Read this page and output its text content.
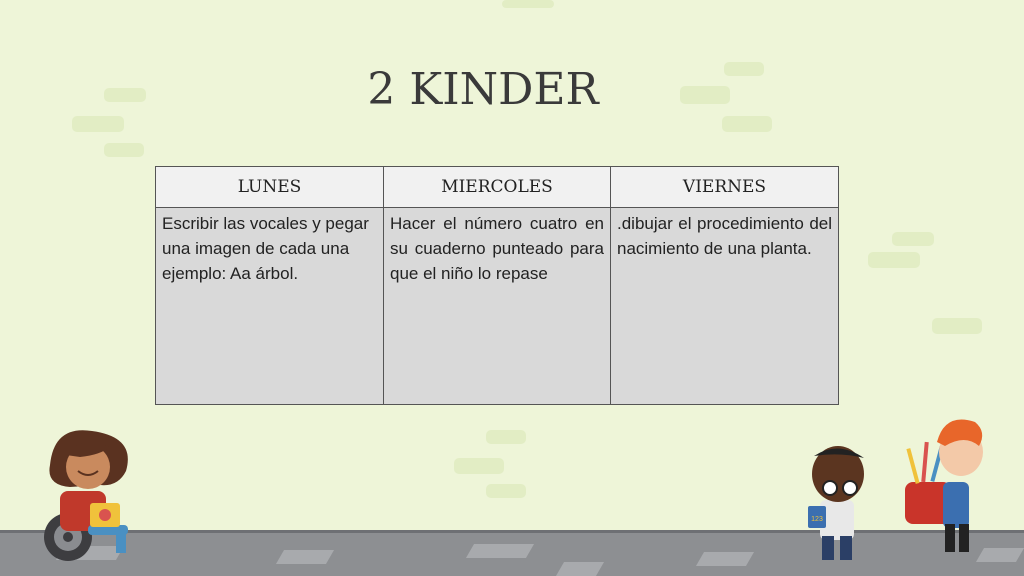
2 KINDER
LUNES	MIERCOLES	VIERNES
Escribir las vocales y pegar una imagen de cada una ejemplo: Aa árbol.	Hacer el número cuatro en su cuaderno punteado para que el niño lo repase	.dibujar el procedimiento del nacimiento de una planta.
123
